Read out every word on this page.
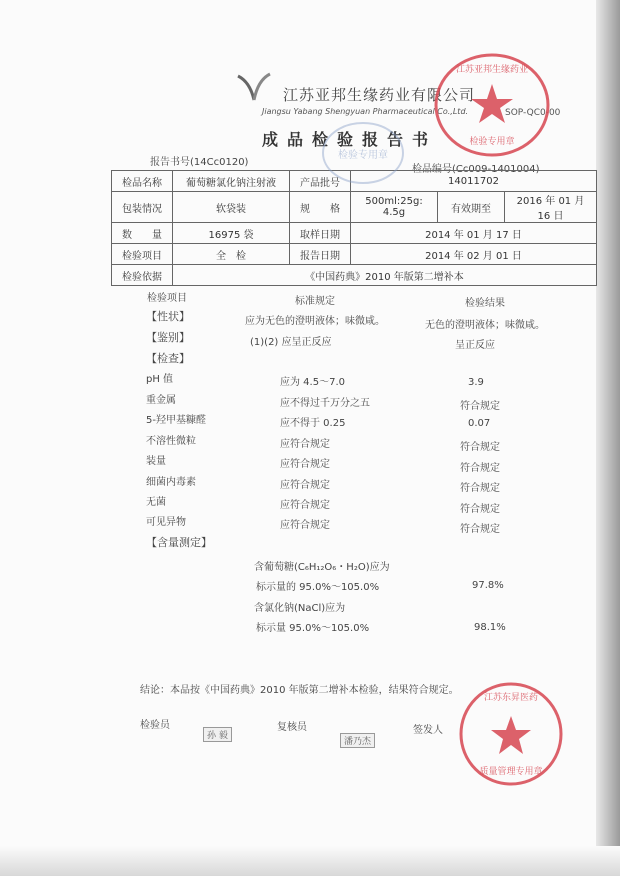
江苏亚邦生缘药业有限公司
Jiangsu Yabang Shengyuan Pharmaceutical Co.,Ltd.	SOP-QC0-00
成品检验报告书
报告书号(14Cc0120)
检品编号(Cc009-1401004)
检品名称	葡萄糖氯化钠注射液	产品批号	14011702		
包装情况	软袋装	规　　格	500ml:25g: 4.5g	有效期至	2016 年 01 月 16 日
数　　量	16975 袋	取样日期	2014 年 01 月 17 日		
检验项目	全　检	报告日期	2014 年 02 月 01 日		
检验依据	《中国药典》2010 年版第二增补本				
检验项目	标准规定	检验结果
【性状】	应为无色的澄明液体；味微咸。	无色的澄明液体；味微咸。
【鉴别】	(1)(2) 应呈正反应	呈正反应
【检查】
pH 值	应为 4.5～7.0	3.9
重金属	应不得过千万分之五	符合规定
5-羟甲基糠醛	应不得于 0.25	0.07
不溶性微粒	应符合规定	符合规定
装量	应符合规定	符合规定
细菌内毒素	应符合规定	符合规定
无菌	应符合规定	符合规定
可见异物	应符合规定	符合规定
【含量测定】
含葡萄糖(C₆H₁₂O₆・H₂O)应为
标示量的 95.0%～105.0%	97.8%
含氯化钠(NaCl)应为
标示量 95.0%～105.0%	98.1%
结论：本品按《中国药典》2010 年版第二增补本检验，结果符合规定。
检验员
孙 毅
复核员
潘乃杰
签发人
江苏亚邦生缘药业
检验专用章
检验专用章
江苏东昇医药
质量管理专用章
